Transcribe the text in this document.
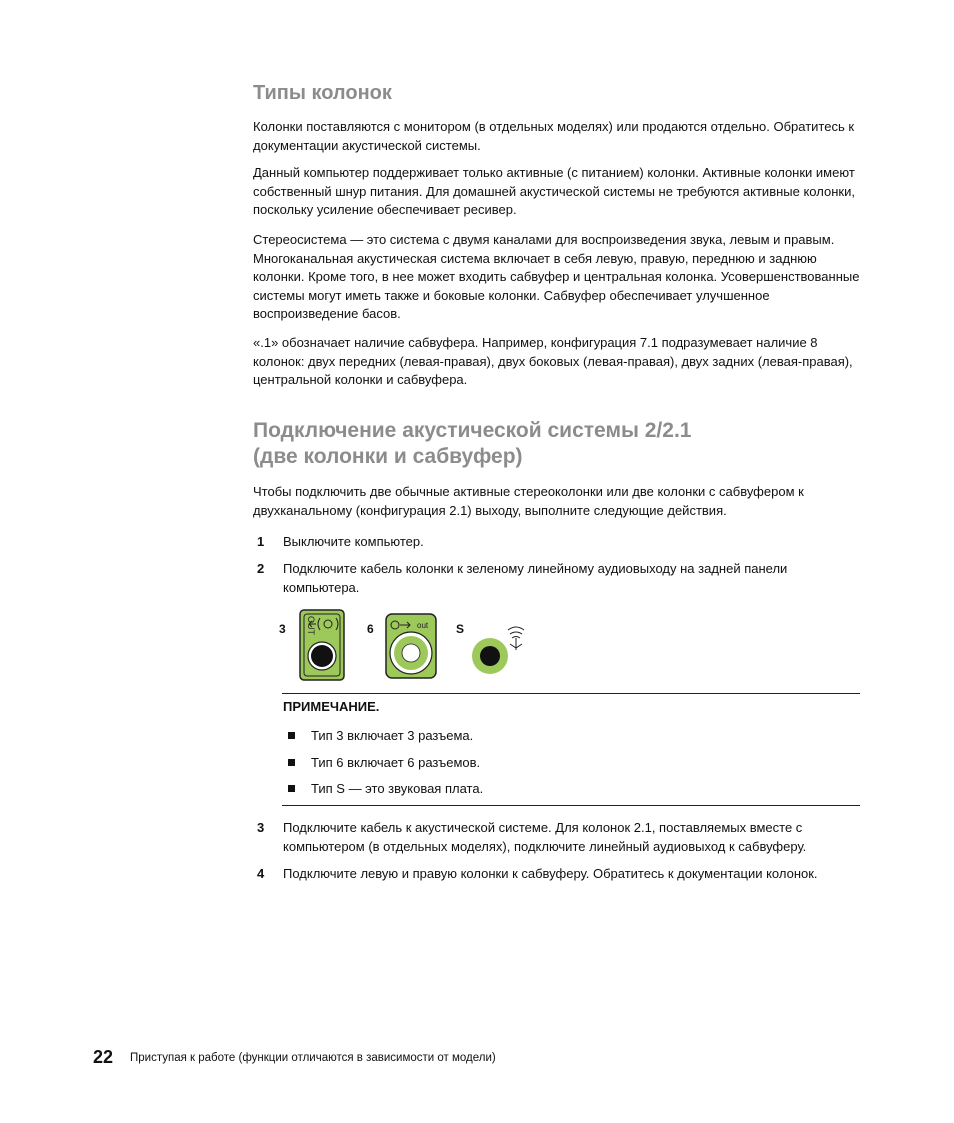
Типы колонок

Колонки поставляются с монитором (в отдельных моделях) или продаются отдельно. Обратитесь к документации акустической системы.

Данный компьютер поддерживает только активные (с питанием) колонки. Активные колонки имеют собственный шнур питания. Для домашней акустической системы не требуются активные колонки, поскольку усиление обеспечивает ресивер.

Стереосистема — это система с двумя каналами для воспроизведения звука, левым и правым. Многоканальная акустическая система включает в себя левую, правую, переднюю и заднюю колонки. Кроме того, в нее может входить сабвуфер и центральная колонка. Усовершенствованные системы могут иметь также и боковые колонки. Сабвуфер обеспечивает улучшенное воспроизведение басов.

«.1» обозначает наличие сабвуфера. Например, конфигурация 7.1 подразумевает наличие 8 колонок: двух передних (левая-правая), двух боковых (левая-правая), двух задних (левая-правая), центральной колонки и сабвуфера.

Подключение акустической системы 2/2.1
(две колонки и сабвуфер)

Чтобы подключить две обычные активные стереоколонки или две колонки с сабвуфером к двухканальному (конфигурация 2.1) выходу, выполните следующие действия.

1 Выключите компьютер.
2 Подключите кабель колонки к зеленому линейному аудиовыходу на задней панели компьютера.
3	6	S
OUT	out
ПРИМЕЧАНИЕ.
Тип 3 включает 3 разъема.
Тип 6 включает 6 разъемов.
Тип S — это звуковая плата.
3 Подключите кабель к акустической системе. Для колонок 2.1, поставляемых вместе с компьютером (в отдельных моделях), подключите линейный аудиовыход к сабвуферу.
4 Подключите левую и правую колонки к сабвуферу. Обратитесь к документации колонок.
22 Приступая к работе (функции отличаются в зависимости от модели)
